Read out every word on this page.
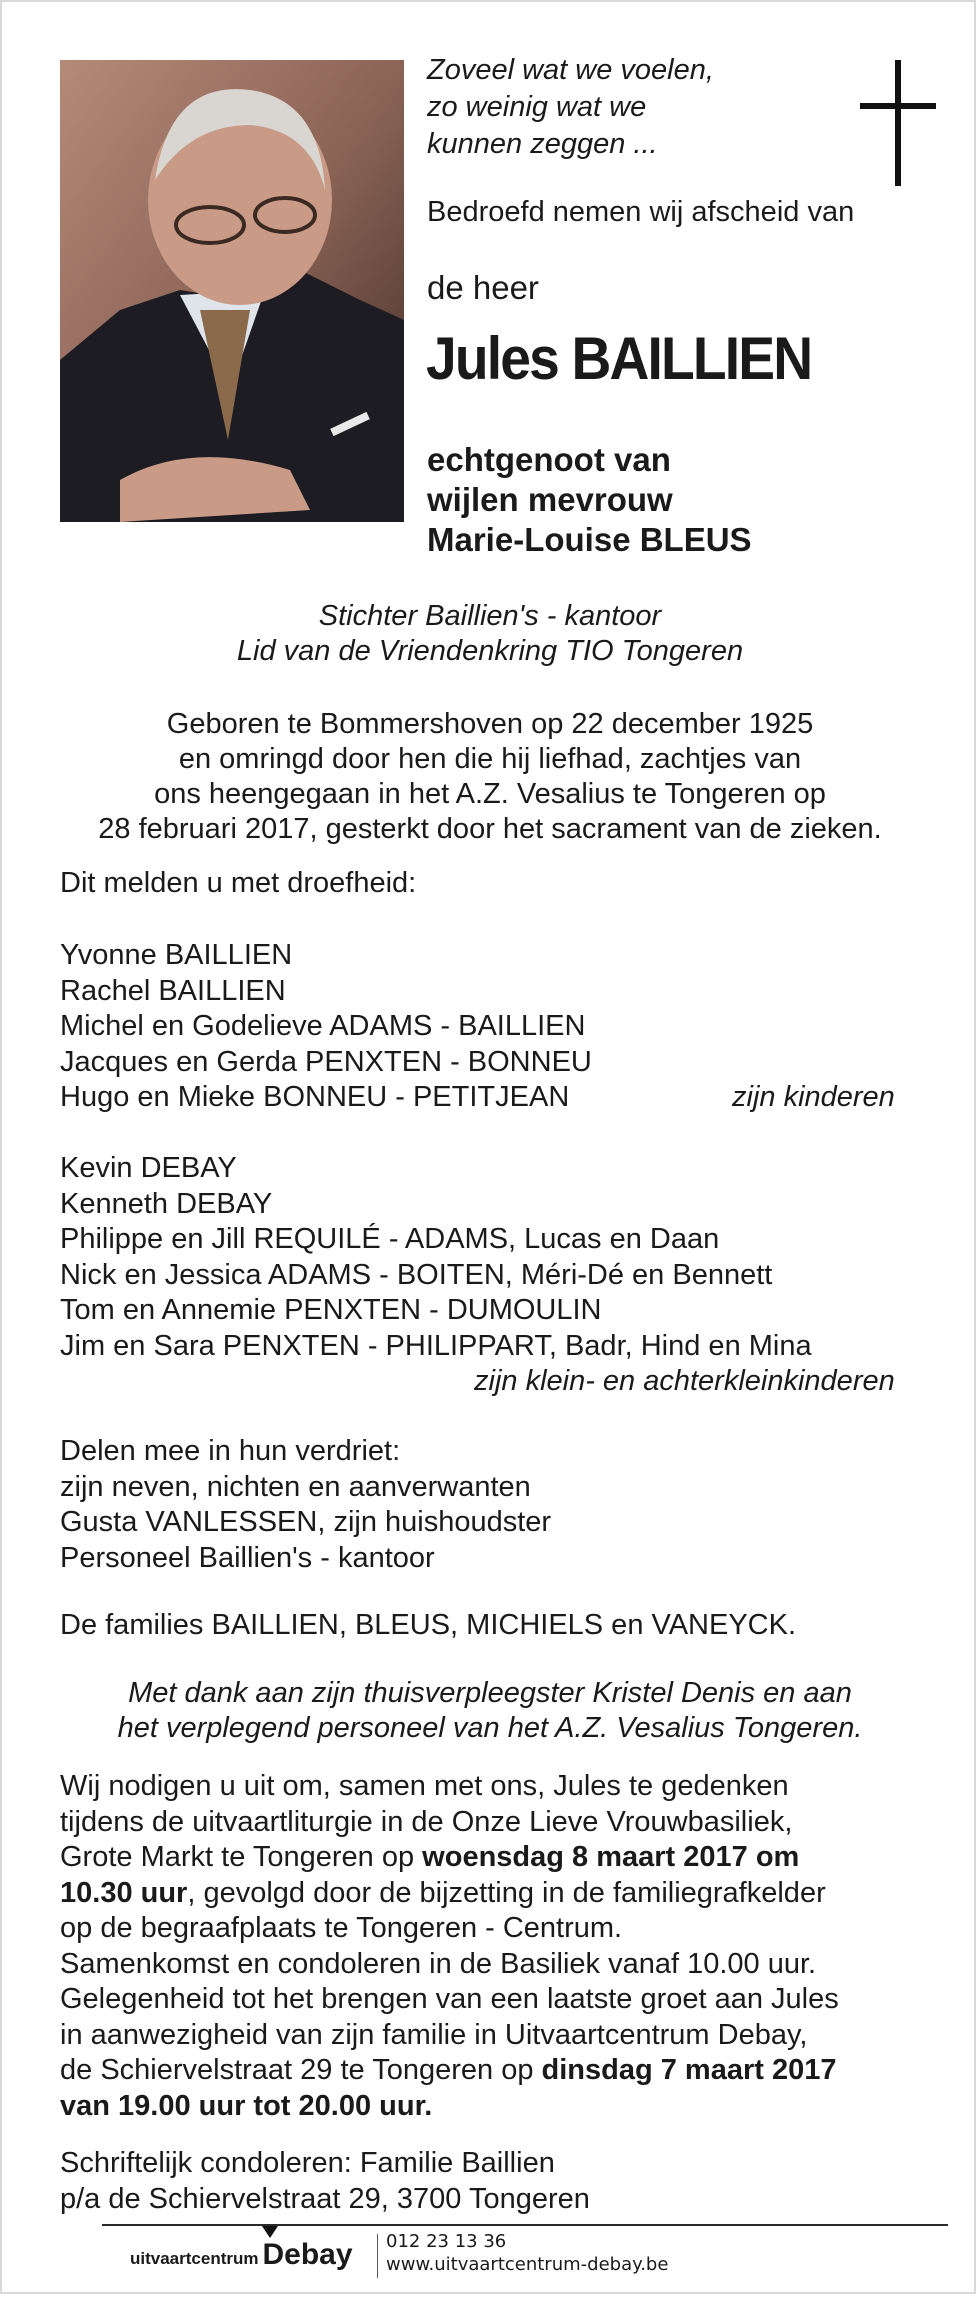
Zoveel wat we voelen,
zo weinig wat we
kunnen zeggen ...
Bedroefd nemen wij afscheid van
de heer
Jules BAILLIEN
echtgenoot van
wijlen mevrouw
Marie-Louise BLEUS
Stichter Baillien's - kantoor
Lid van de Vriendenkring TIO Tongeren
Geboren te Bommershoven op 22 december 1925
en omringd door hen die hij liefhad, zachtjes van
ons heengegaan in het A.Z. Vesalius te Tongeren op
28 februari 2017, gesterkt door het sacrament van de zieken.
Dit melden u met droefheid:
Yvonne BAILLIEN
Rachel BAILLIEN
Michel en Godelieve ADAMS - BAILLIEN
Jacques en Gerda PENXTEN - BONNEU
Hugo en Mieke BONNEU - PETITJEAN	zijn kinderen
Kevin DEBAY
Kenneth DEBAY
Philippe en Jill REQUILÉ - ADAMS, Lucas en Daan
Nick en Jessica ADAMS - BOITEN, Méri-Dé en Bennett
Tom en Annemie PENXTEN - DUMOULIN
Jim en Sara PENXTEN - PHILIPPART, Badr, Hind en Mina
zijn klein- en achterkleinkinderen
Delen mee in hun verdriet:
zijn neven, nichten en aanverwanten
Gusta VANLESSEN, zijn huishoudster
Personeel Baillien's - kantoor
De families BAILLIEN, BLEUS, MICHIELS en VANEYCK.
Met dank aan zijn thuisverpleegster Kristel Denis en aan
het verplegend personeel van het A.Z. Vesalius Tongeren.
Wij nodigen u uit om, samen met ons, Jules te gedenken
tijdens de uitvaartliturgie in de Onze Lieve Vrouwbasiliek,
Grote Markt te Tongeren op woensdag 8 maart 2017 om
10.30 uur, gevolgd door de bijzetting in de familiegrafkelder
op de begraafplaats te Tongeren - Centrum.
Samenkomst en condoleren in de Basiliek vanaf 10.00 uur.
Gelegenheid tot het brengen van een laatste groet aan Jules
in aanwezigheid van zijn familie in Uitvaartcentrum Debay,
de Schiervelstraat 29 te Tongeren op dinsdag 7 maart 2017
van 19.00 uur tot 20.00 uur.
Schriftelijk condoleren: Familie Baillien
p/a de Schiervelstraat 29, 3700 Tongeren
uitvaartcentrum Debay 012 23 13 36
www.uitvaartcentrum-debay.be
